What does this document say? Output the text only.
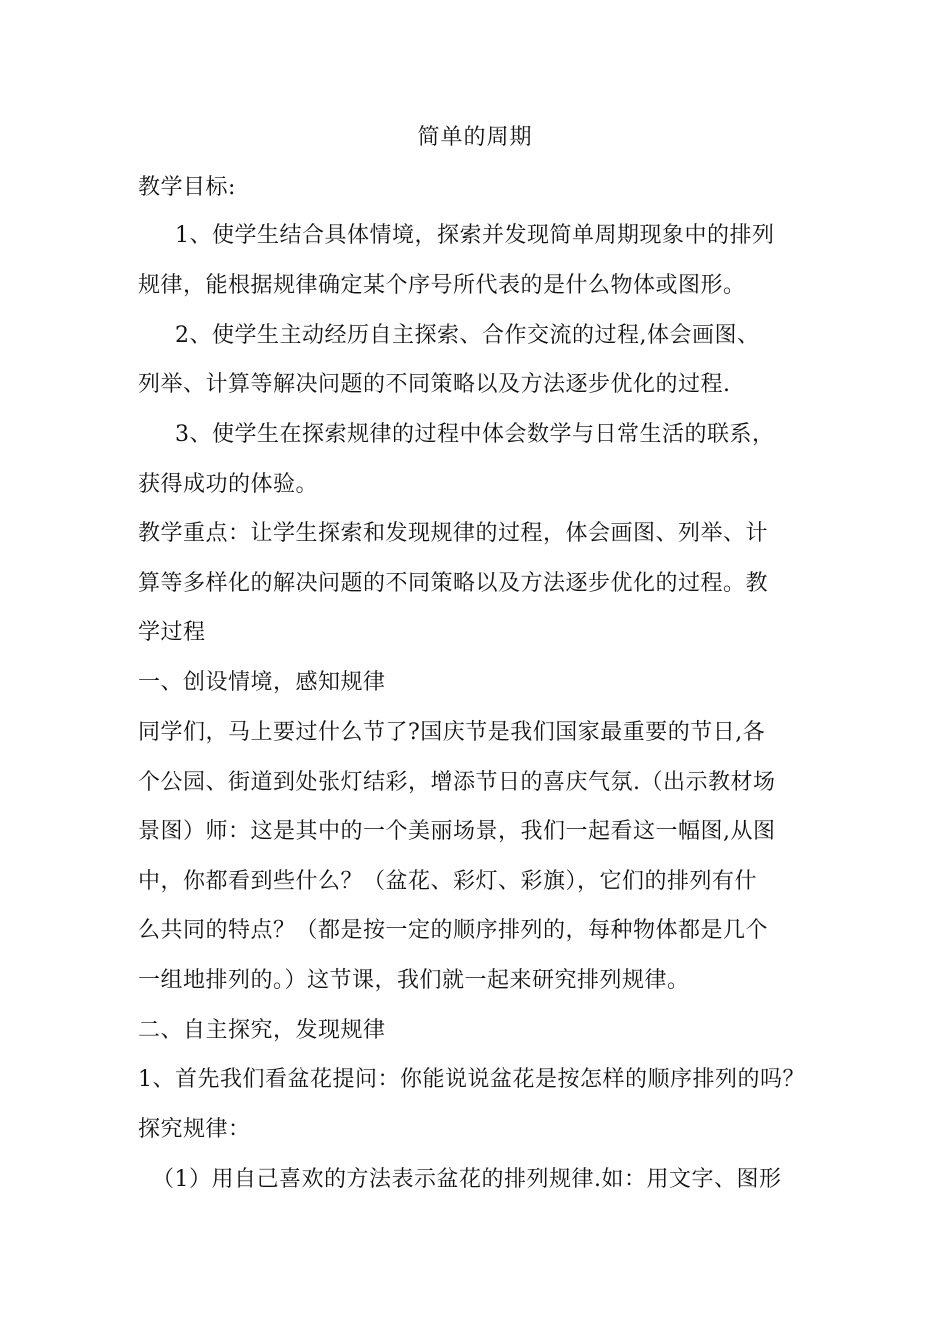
简单的周期
教学目标:
1、使学生结合具体情境，探索并发现简单周期现象中的排列
规律，能根据规律确定某个序号所代表的是什么物体或图形。
2、使学生主动经历自主探索、合作交流的过程,体会画图、
列举、计算等解决问题的不同策略以及方法逐步优化的过程.
3、使学生在探索规律的过程中体会数学与日常生活的联系，
获得成功的体验。
教学重点：让学生探索和发现规律的过程，体会画图、列举、计
算等多样化的解决问题的不同策略以及方法逐步优化的过程。教
学过程
一、创设情境，感知规律
同学们，马上要过什么节了?国庆节是我们国家最重要的节日,各
个公园、街道到处张灯结彩，增添节日的喜庆气氛.（出示教材场
景图）师：这是其中的一个美丽场景，我们一起看这一幅图,从图
中，你都看到些什么？（盆花、彩灯、彩旗），它们的排列有什
么共同的特点？（都是按一定的顺序排列的，每种物体都是几个
一组地排列的。）这节课，我们就一起来研究排列规律。
二、自主探究，发现规律
1、首先我们看盆花提问：你能说说盆花是按怎样的顺序排列的吗？
探究规律：
（1）用自己喜欢的方法表示盆花的排列规律.如：用文字、图形
